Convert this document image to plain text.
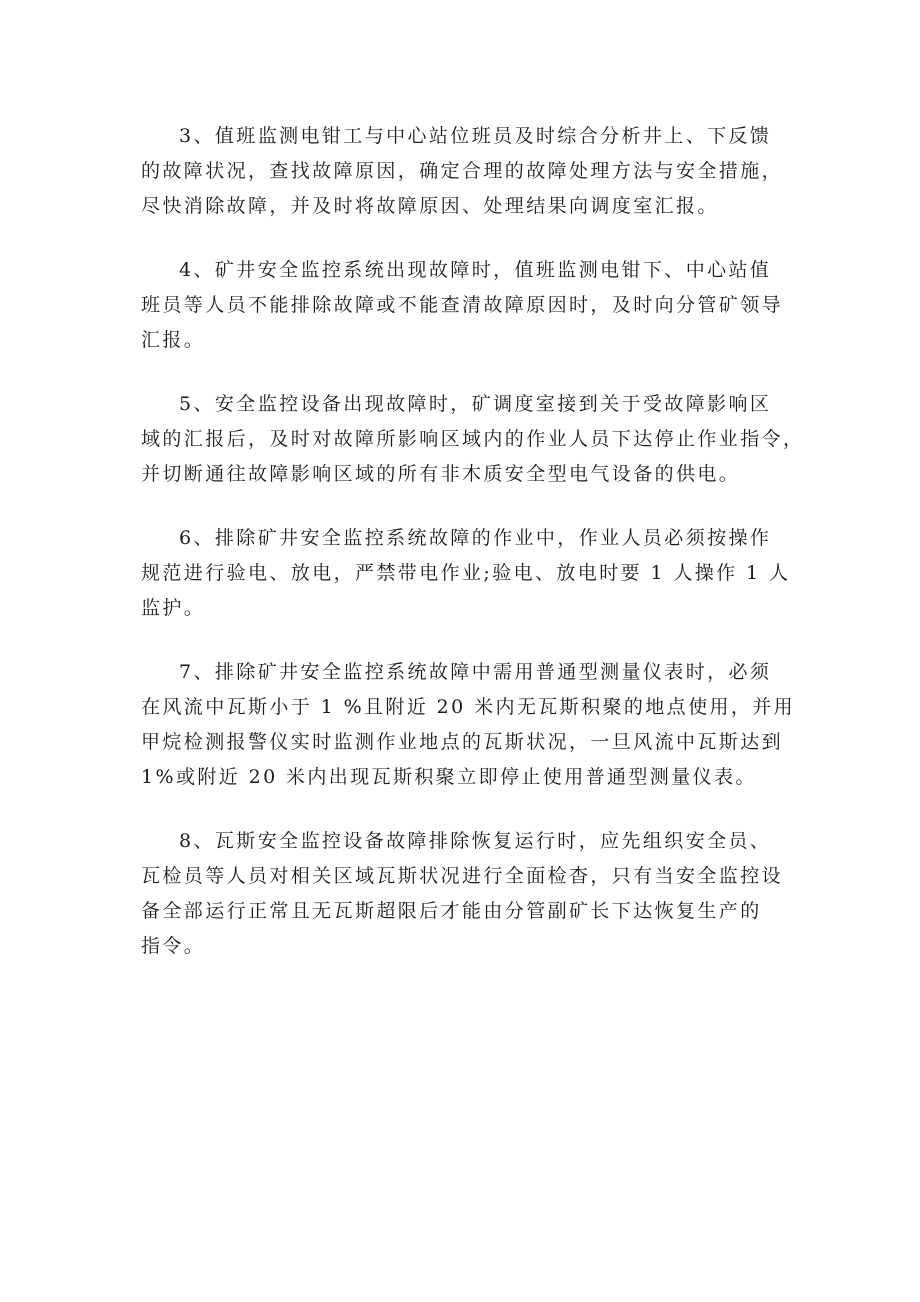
3、值班监测电钳工与中心站位班员及时综合分析井上、下反馈
的故障状况，查找故障原因，确定合理的故障处理方法与安全措施，
尽快消除故障，并及时将故障原因、处理结果向调度室汇报。

4、矿井安全监控系统出现故障时，值班监测电钳下、中心站值
班员等人员不能排除故障或不能查清故障原因时，及时向分管矿领导
汇报。

5、安全监控设备出现故障时，矿调度室接到关于受故障影响区
域的汇报后，及时对故障所影响区域内的作业人员下达停止作业指令，
并切断通往故障影响区域的所有非木质安全型电气设备的供电。

6、排除矿井安全监控系统故障的作业中，作业人员必须按操作
规范进行验电、放电，严禁带电作业;验电、放电时要 1 人操作 1 人
监护。

7、排除矿井安全监控系统故障中需用普通型测量仪表时，必须
在风流中瓦斯小于 1 %且附近 20 米内无瓦斯积聚的地点使用，并用
甲烷检测报警仪实时监测作业地点的瓦斯状况，一旦风流中瓦斯达到
1%或附近 20 米内出现瓦斯积聚立即停止使用普通型测量仪表。

8、瓦斯安全监控设备故障排除恢复运行时，应先组织安全员、
瓦检员等人员对相关区域瓦斯状况进行全面检杳，只有当安全监控设
备全部运行正常且无瓦斯超限后才能由分管副矿长下达恢复生产的
指令。
